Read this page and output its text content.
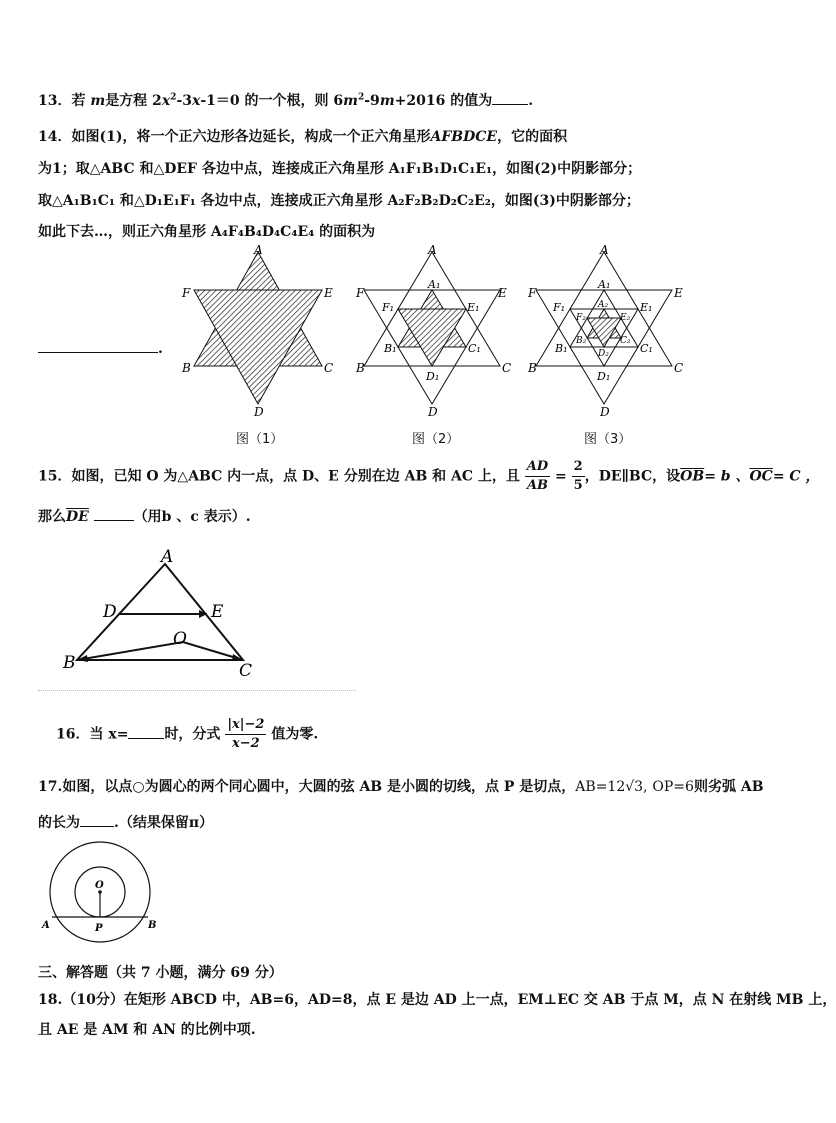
13．若 m是方程 $2x^2-3x-1=0$ 的一个根，则 $6m^2-9m+2016$ 的值为	.
14．如图(1)，将一个正六边形各边延长，构成一个正六角星形AFBDCE，它的面积
为1；取△ABC 和△DEF 各边中点，连接成正六角星形 A₁F₁B₁D₁C₁E₁，如图(2)中阴影部分；
取△A₁B₁C₁ 和△D₁E₁F₁ 各边中点，连接成正六角星形 A₂F₂B₂D₂C₂E₂，如图(3)中阴影部分；
如此下去…，则正六角星形 A₄F₄B₄D₄C₄E₄ 的面积为
.
A
F	E
B	C
D
A
A₁
F	E
F₁	E₁
B₁	C₁
B	C
D₁
D
A
A₁
A₂
F	E
F₁	E₁
F₂	E₂
B₂	C₂
D₂
B₁	C₁
B	C
D₁
D
图（1）	图（2）	图（3）
15．如图，已知 O 为△ABC 内一点，点 D、E 分别在边 AB 和 AC 上，且 $\frac{AD}{AB} = \frac{2}{5}$ ，DE∥BC，设$\overline{OB}= b$ 、$\overline{OC}= C$ ，
那么$\overline{DE}$	（用b 、c 表示）.
A
D	E
O
B	C
16．当 x=	时，分式 $\frac{|x|-2}{x-2}$ 值为零.
17.如图，以点○为圆心的两个同心圆中，大圆的弦 AB 是小圆的切线，点 P 是切点，AB=12√3, OP=6则劣弧 AB
的长为 .（结果保留π）
O
P
A	B
三、解答题（共 7 小题，满分 69 分）
18.（10分）在矩形 ABCD 中，AB=6，AD=8，点 E 是边 AD 上一点，EM⊥EC 交 AB 于点 M，点 N 在射线 MB 上，
且 AE 是 AM 和 AN 的比例中项.
